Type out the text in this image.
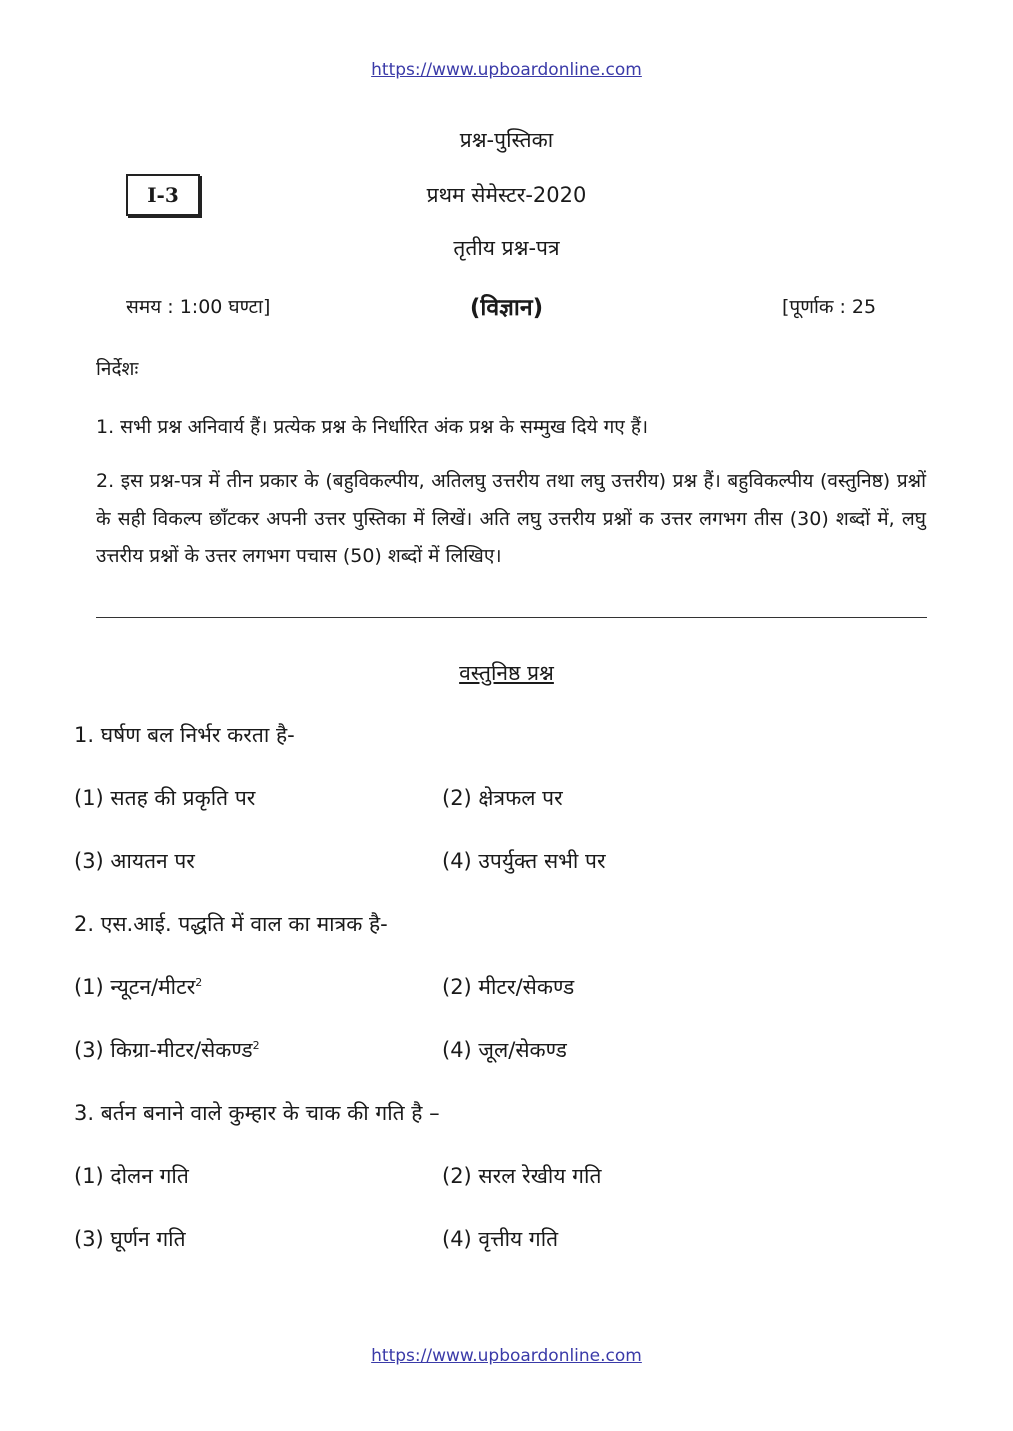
https://www.upboardonline.com
प्रश्न-पुस्तिका
I-3	प्रथम सेमेस्टर-2020
तृतीय प्रश्न-पत्र
समय : 1:00 घण्टा]	(विज्ञान)	[पूर्णाक : 25
निर्देशः
1. सभी प्रश्न अनिवार्य हैं। प्रत्येक प्रश्न के निर्धारित अंक प्रश्न के सम्मुख दिये गए हैं।
2. इस प्रश्न-पत्र में तीन प्रकार के (बहुविकल्पीय, अतिलघु उत्तरीय तथा लघु उत्तरीय) प्रश्न हैं। बहुविकल्पीय (वस्तुनिष्ठ) प्रश्नों के सही विकल्प छाँटकर अपनी उत्तर पुस्तिका में लिखें। अति लघु उत्तरीय प्रश्नों क उत्तर लगभग तीस (30) शब्दों में, लघु उत्तरीय प्रश्नों के उत्तर लगभग पचास (50) शब्दों में लिखिए।
वस्तुनिष्ठ प्रश्न
1. घर्षण बल निर्भर करता है-
(1) सतह की प्रकृति पर	(2) क्षेत्रफल पर
(3) आयतन पर	(4) उपर्युक्त सभी पर
2. एस.आई. पद्धति में वाल का मात्रक है-
(1) न्यूटन/मीटर$^2$	(2) मीटर/सेकण्ड
(3) किग्रा-मीटर/सेकण्ड$^2$	(4) जूल/सेकण्ड
3. बर्तन बनाने वाले कुम्हार के चाक की गति है –
(1) दोलन गति	(2) सरल रेखीय गति
(3) घूर्णन गति	(4) वृत्तीय गति
https://www.upboardonline.com
